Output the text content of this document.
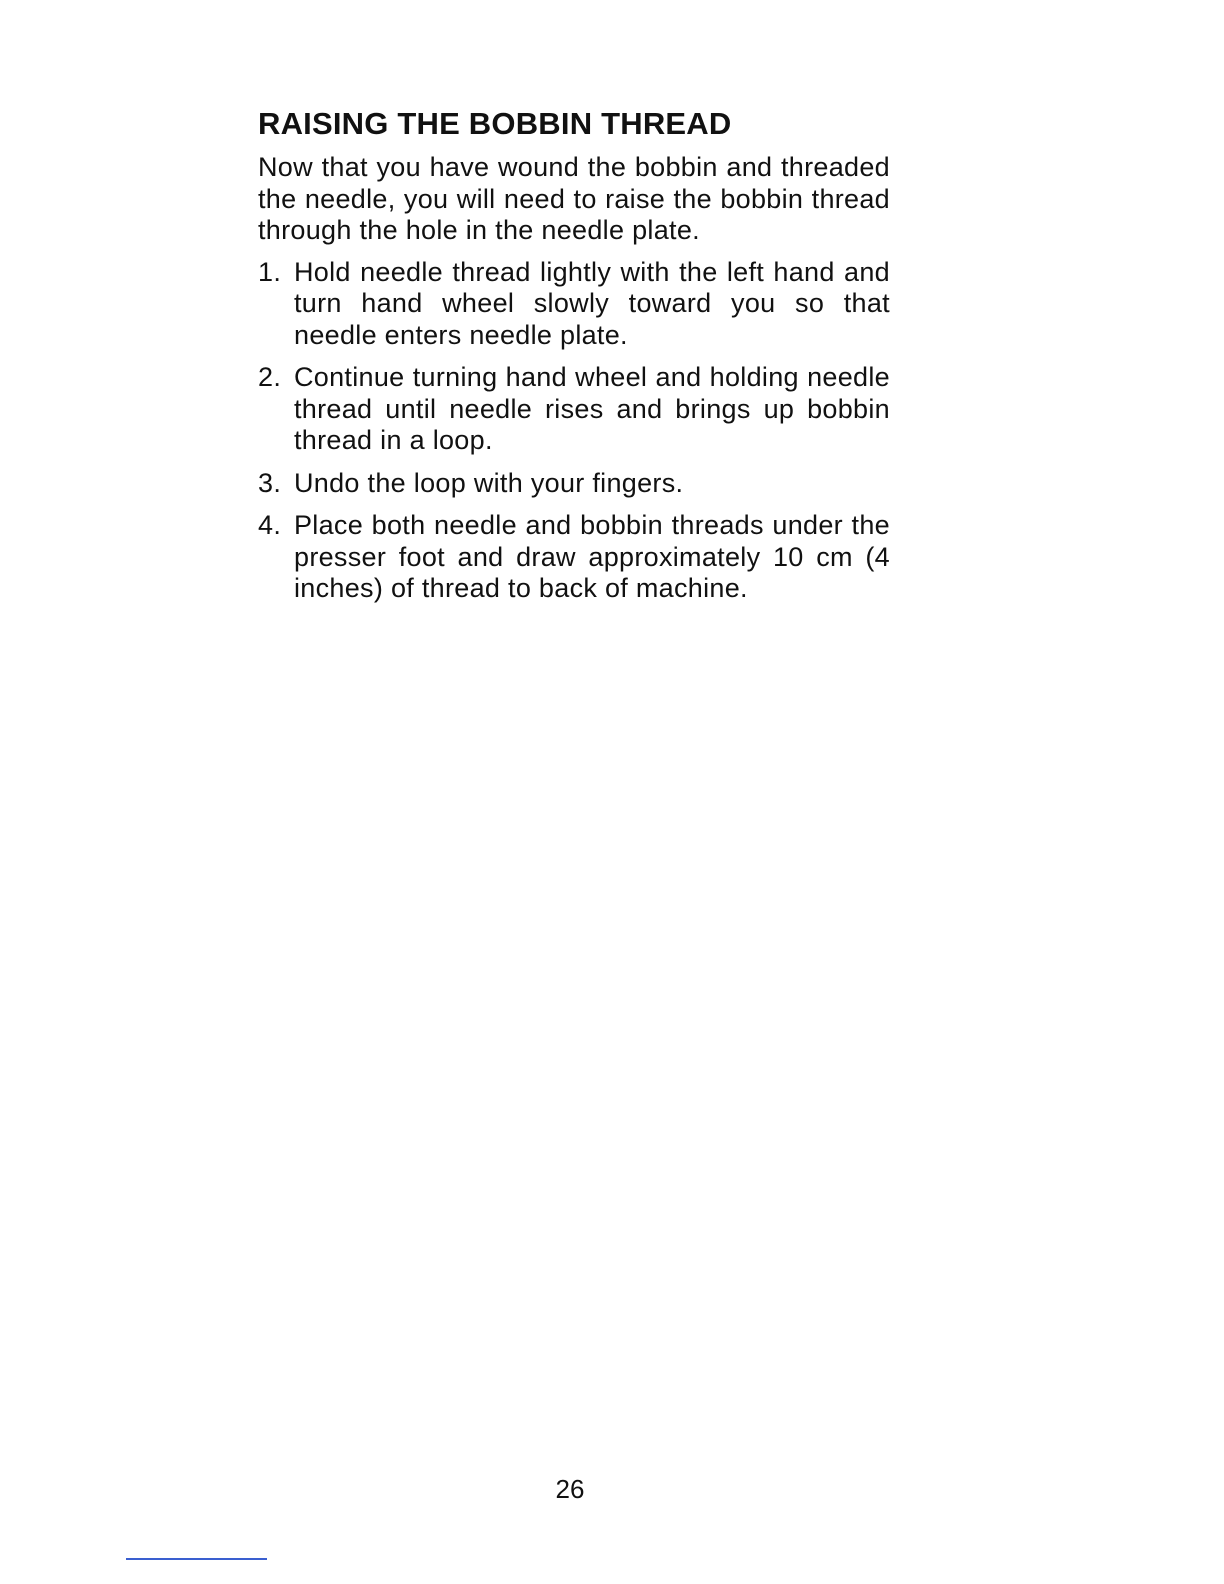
RAISING THE BOBBIN THREAD

Now that you have wound the bobbin and threaded the needle, you will need to raise the bobbin thread through the hole in the needle plate.

1. Hold needle thread lightly with the left hand and turn hand wheel slowly toward you so that needle enters needle plate.
2. Continue turning hand wheel and holding needle thread until needle rises and brings up bobbin thread in a loop.
3. Undo the loop with your fingers.
4. Place both needle and bobbin threads under the presser foot and draw approximately 10 cm (4 inches) of thread to back of machine.
26
